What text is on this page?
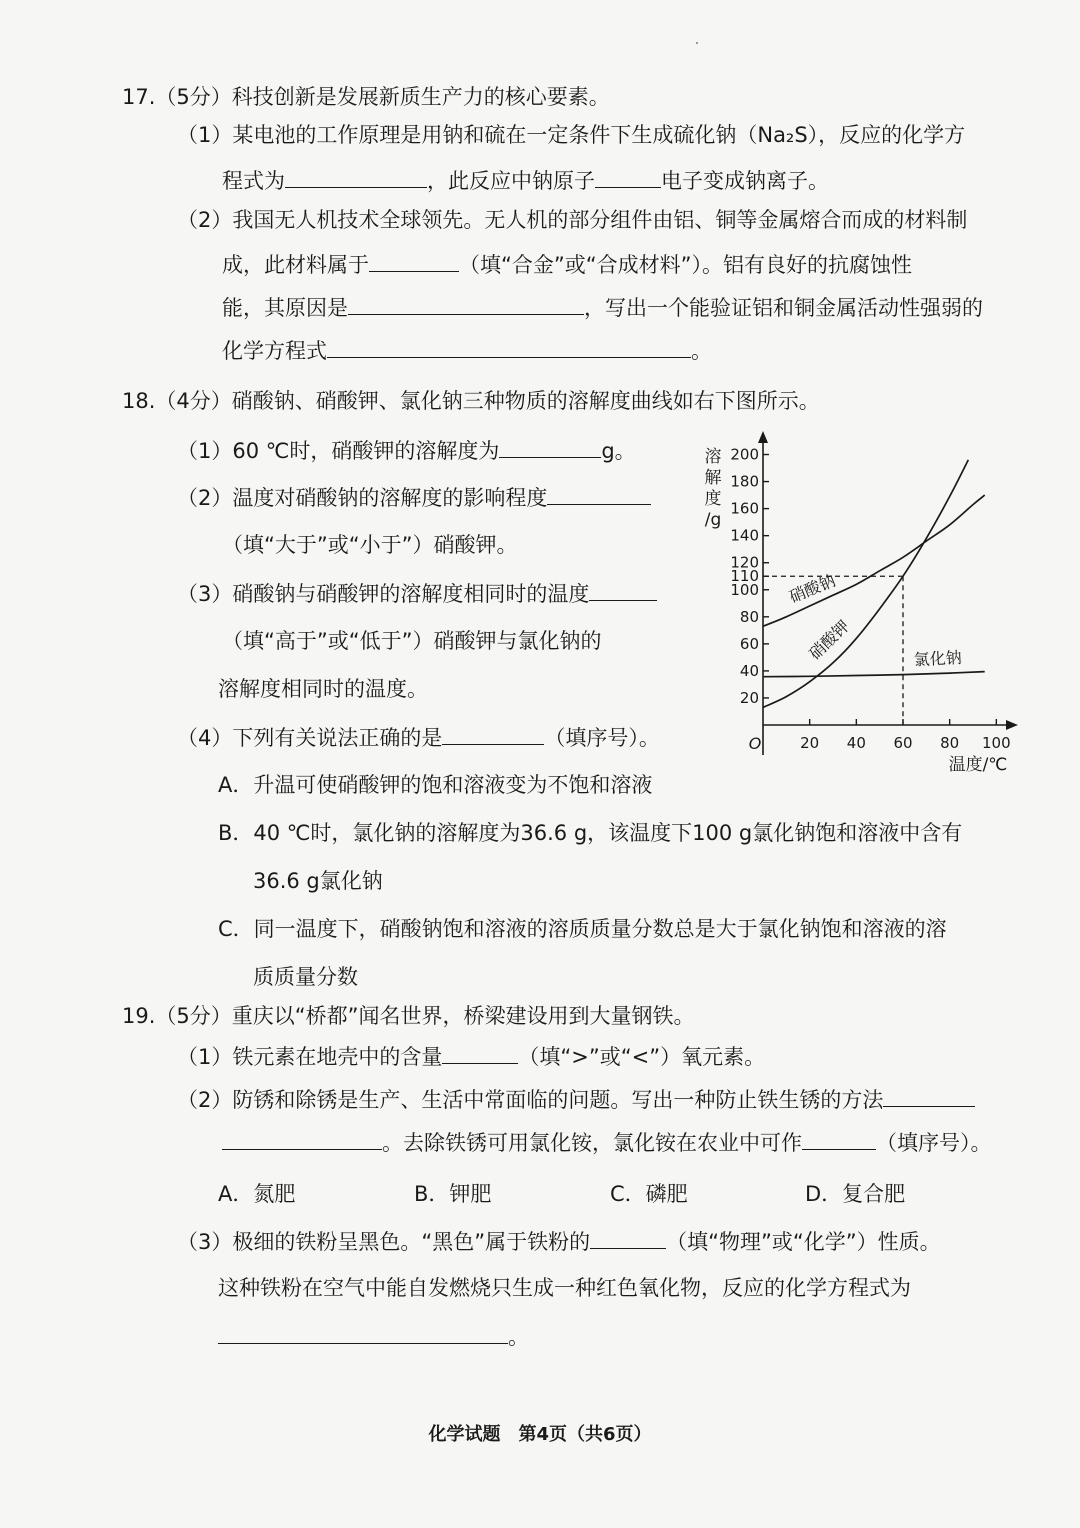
17.（5分）科技创新是发展新质生产力的核心要素。
（1）某电池的工作原理是用钠和硫在一定条件下生成硫化钠（Na₂S），反应的化学方
程式为	，此反应中钠原子	电子变成钠离子。
（2）我国无人机技术全球领先。无人机的部分组件由铝、铜等金属熔合而成的材料制
成，此材料属于	（填“合金”或“合成材料”）。铝有良好的抗腐蚀性
能，其原因是	，写出一个能验证铝和铜金属活动性强弱的
化学方程式	。
18.（4分）硝酸钠、硝酸钾、氯化钠三种物质的溶解度曲线如右下图所示。
（1）60 ℃时，硝酸钾的溶解度为	g。
（2）温度对硝酸钠的溶解度的影响程度
（填“大于”或“小于”）硝酸钾。
（3）硝酸钠与硝酸钾的溶解度相同时的温度
（填“高于”或“低于”）硝酸钾与氯化钠的
溶解度相同时的温度。
（4）下列有关说法正确的是	（填序号）。
A．升温可使硝酸钾的饱和溶液变为不饱和溶液
B．40 ℃时，氯化钠的溶解度为36.6 g，该温度下100 g氯化钠饱和溶液中含有
36.6 g氯化钠
C．同一温度下，硝酸钠饱和溶液的溶质质量分数总是大于氯化钠饱和溶液的溶
质质量分数
溶
解
度
/g
温度/℃
O
20
40
60
80
100
110
120
140
160
180
200
20 40 60 80 100
硝酸钠
硝酸钾	氯化钠
19.（5分）重庆以“桥都”闻名世界，桥梁建设用到大量钢铁。
（1）铁元素在地壳中的含量	（填“>”或“<”）氧元素。
（2）防锈和除锈是生产、生活中常面临的问题。写出一种防止铁生锈的方法
。去除铁锈可用氯化铵，氯化铵在农业中可作	（填序号）。
A．氮肥	B．钾肥	C．磷肥	D．复合肥
（3）极细的铁粉呈黑色。“黑色”属于铁粉的	（填“物理”或“化学”）性质。
这种铁粉在空气中能自发燃烧只生成一种红色氧化物，反应的化学方程式为
。
化学试题　第4页（共6页）
